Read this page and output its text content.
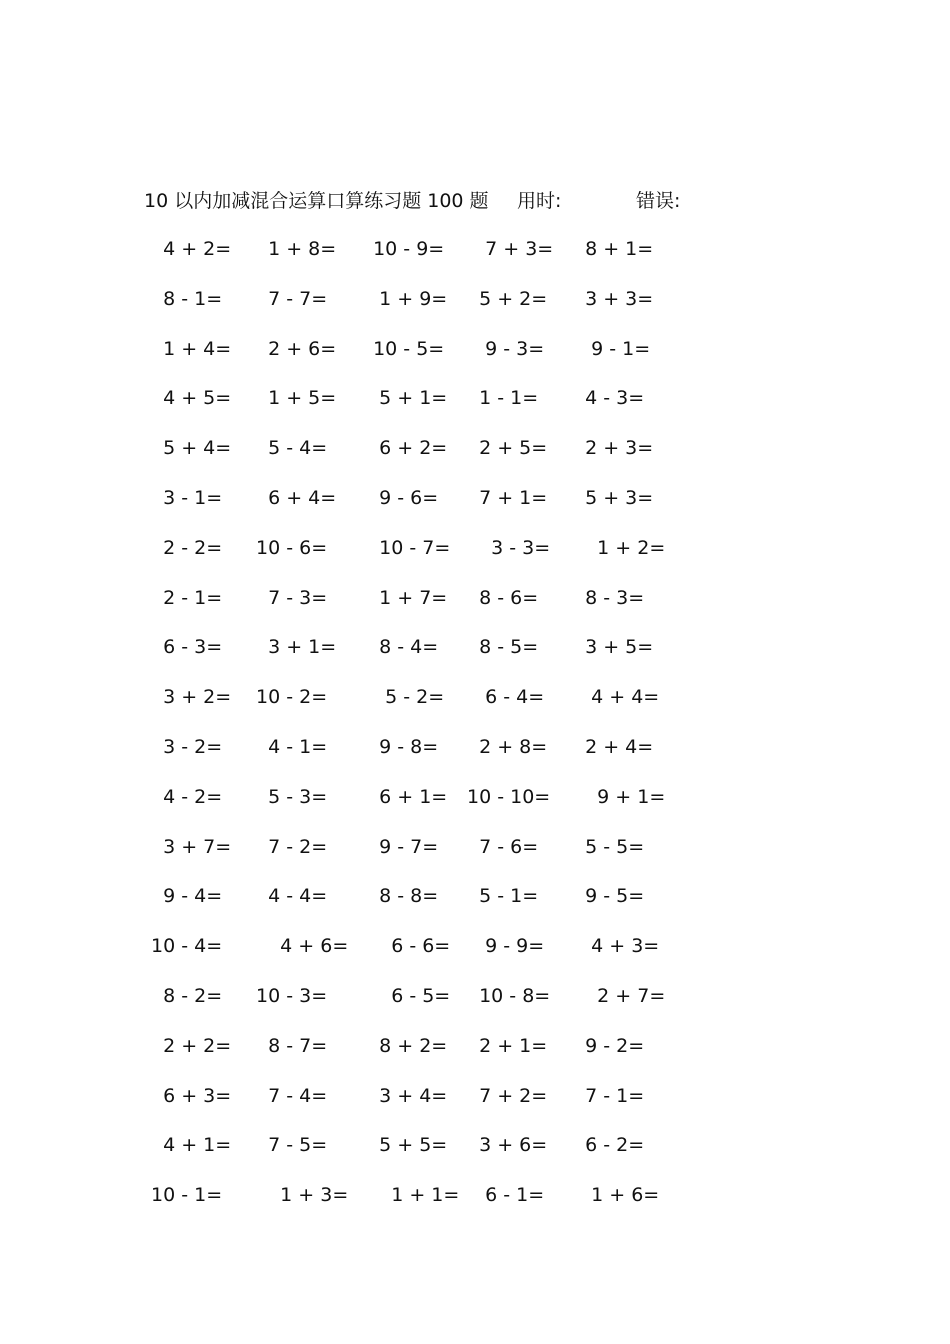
10 以内加减混合运算口算练习题 100 题 用时:	错误:
4 + 2= 1 + 8= 10 - 9= 7 + 3= 8 + 1=
8 - 1=	7 - 7=	1 + 9= 5 + 2= 3 + 3=
1 + 4= 2 + 6= 10 - 5= 9 - 3= 9 - 1=
4 + 5= 1 + 5= 5 + 1= 1 - 1=	4 - 3=
5 + 4= 5 - 4=	6 + 2= 2 + 5= 2 + 3=
3 - 1=	6 + 4= 9 - 6= 7 + 1= 5 + 3=
2 - 2=	10 - 6=	10 - 7= 3 - 3= 1 + 2=
2 - 1=	7 - 3=	1 + 7= 8 - 6=	8 - 3=
6 - 3=	3 + 1= 8 - 4= 8 - 5=	3 + 5=
3 + 2= 10 - 2=	5 - 2= 6 - 4= 4 + 4=
3 - 2=	4 - 1=	9 - 8= 2 + 8= 2 + 4=
4 - 2=	5 - 3=	6 + 1= 10 - 10= 9 + 1=
3 + 7= 7 - 2=	9 - 7= 7 - 6=	5 - 5=
9 - 4=	4 - 4=	8 - 8= 5 - 1=	9 - 5=
10 - 4=	4 + 6= 6 - 6= 9 - 9= 4 + 3=
8 - 2=	10 - 3=	6 - 5= 10 - 8= 2 + 7=
2 + 2= 8 - 7=	8 + 2= 2 + 1= 9 - 2=
6 + 3= 7 - 4=	3 + 4= 7 + 2= 7 - 1=
4 + 1= 7 - 5=	5 + 5= 3 + 6= 6 - 2=
10 - 1=	1 + 3= 1 + 1= 6 - 1= 1 + 6=
